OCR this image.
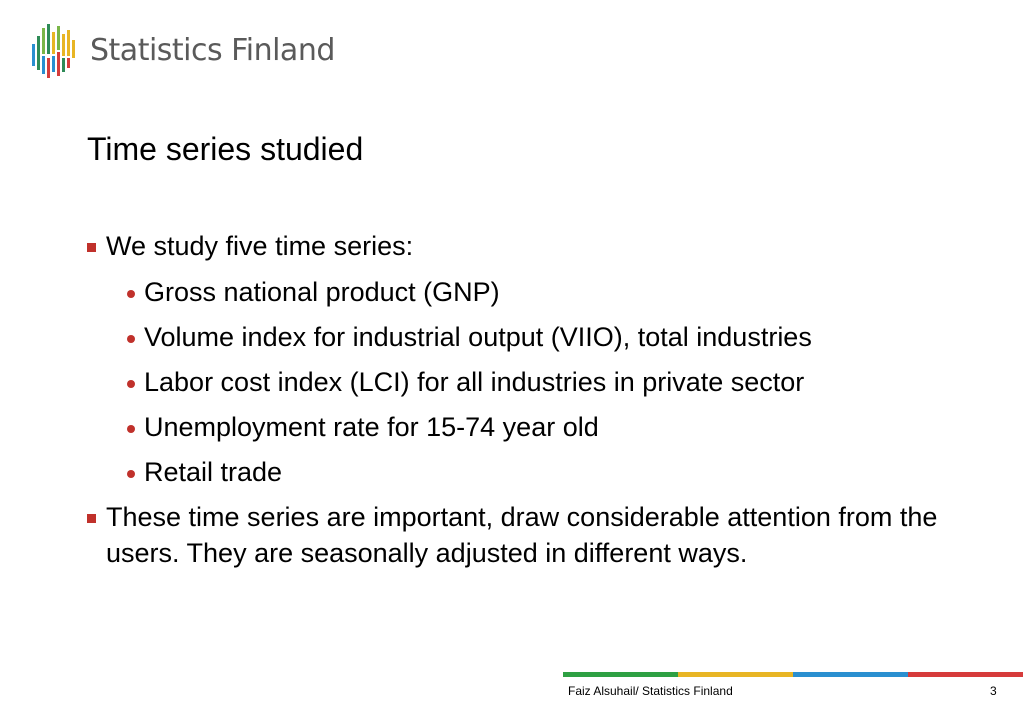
Statistics Finland
Time series studied
We study five time series:
Gross national product (GNP)
Volume index for industrial output (VIIO), total industries
Labor cost index (LCI) for all industries in private sector
Unemployment rate for 15-74 year old
Retail trade
These time series are important, draw considerable attention from the users. They are seasonally adjusted in different ways.
Faiz Alsuhail/ Statistics Finland	3
